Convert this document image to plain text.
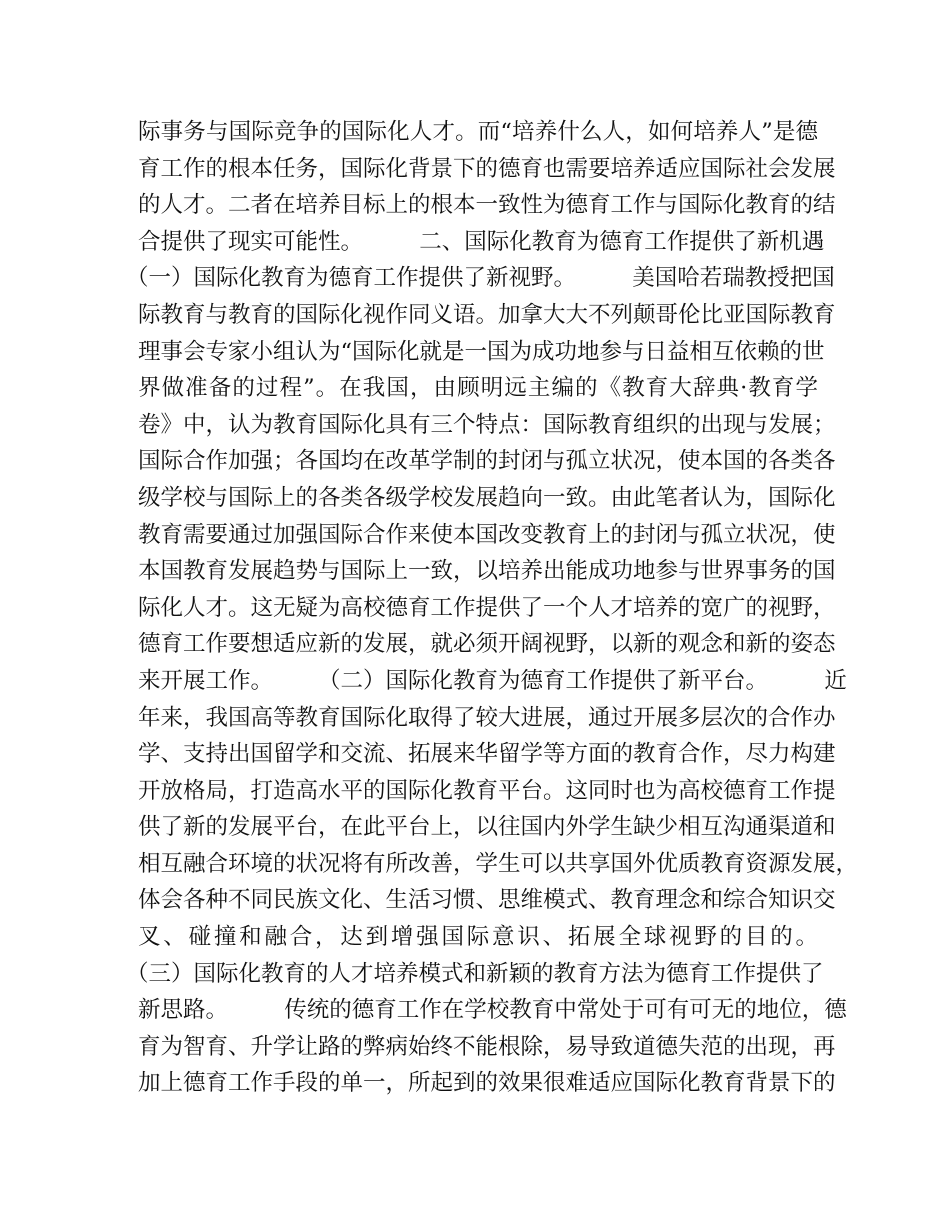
际事务与国际竞争的国际化人才。而“培养什么人，如何培养人”是德
育工作的根本任务，国际化背景下的德育也需要培养适应国际社会发展
的人才。二者在培养目标上的根本一致性为德育工作与国际化教育的结
合提供了现实可能性。　　　二、国际化教育为德育工作提供了新机遇
（一）国际化教育为德育工作提供了新视野。　　　美国哈若瑞教授把国
际教育与教育的国际化视作同义语。加拿大大不列颠哥伦比亚国际教育
理事会专家小组认为“国际化就是一国为成功地参与日益相互依赖的世
界做准备的过程”。在我国，由顾明远主编的《教育大辞典·教育学
卷》中，认为教育国际化具有三个特点：国际教育组织的出现与发展；
国际合作加强；各国均在改革学制的封闭与孤立状况，使本国的各类各
级学校与国际上的各类各级学校发展趋向一致。由此笔者认为，国际化
教育需要通过加强国际合作来使本国改变教育上的封闭与孤立状况，使
本国教育发展趋势与国际上一致，以培养出能成功地参与世界事务的国
际化人才。这无疑为高校德育工作提供了一个人才培养的宽广的视野，
德育工作要想适应新的发展，就必须开阔视野，以新的观念和新的姿态
来开展工作。　　　（二）国际化教育为德育工作提供了新平台。　　　近
年来，我国高等教育国际化取得了较大进展，通过开展多层次的合作办
学、支持出国留学和交流、拓展来华留学等方面的教育合作，尽力构建
开放格局，打造高水平的国际化教育平台。这同时也为高校德育工作提
供了新的发展平台，在此平台上，以往国内外学生缺少相互沟通渠道和
相互融合环境的状况将有所改善，学生可以共享国外优质教育资源发展，
体会各种不同民族文化、生活习惯、思维模式、教育理念和综合知识交
叉、碰撞和融合，达到增强国际意识、拓展全球视野的目的。
（三）国际化教育的人才培养模式和新颖的教育方法为德育工作提供了
新思路。　　　传统的德育工作在学校教育中常处于可有可无的地位，德
育为智育、升学让路的弊病始终不能根除，易导致道德失范的出现，再
加上德育工作手段的单一，所起到的效果很难适应国际化教育背景下的
